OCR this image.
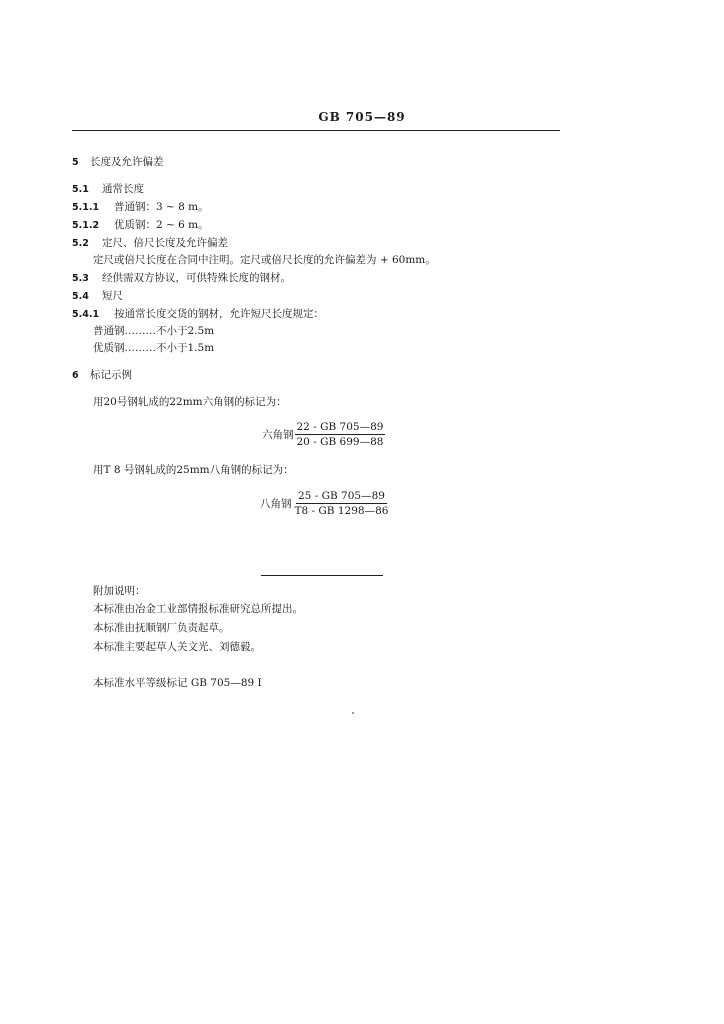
GB 705—89
5 长度及允许偏差
5.1 通常长度
5.1.1 普通钢：3 ~ 8 m。
5.1.2 优质钢：2 ~ 6 m。
5.2 定尺、倍尺长度及允许偏差
定尺或倍尺长度在合同中注明。定尺或倍尺长度的允许偏差为 + 60mm。
5.3 经供需双方协议，可供特殊长度的钢材。
5.4 短尺
5.4.1 按通常长度交货的钢材，允许短尺长度规定：
普通钢………不小于2.5m
优质钢………不小于1.5m
6 标记示例
用20号钢轧成的22mm六角钢的标记为：
六角钢 $\frac{22 - GB 705—89}{20 - GB 699—88}$
用T 8 号钢轧成的25mm八角钢的标记为：
八角钢 $\frac{25 - GB 705—89}{T8 - GB 1298—86}$
附加说明：
本标准由冶金工业部情报标准研究总所提出。
本标准由抚顺钢厂负责起草。
本标准主要起草人关文光、刘德毅。
本标准水平等级标记 GB 705—89 I
